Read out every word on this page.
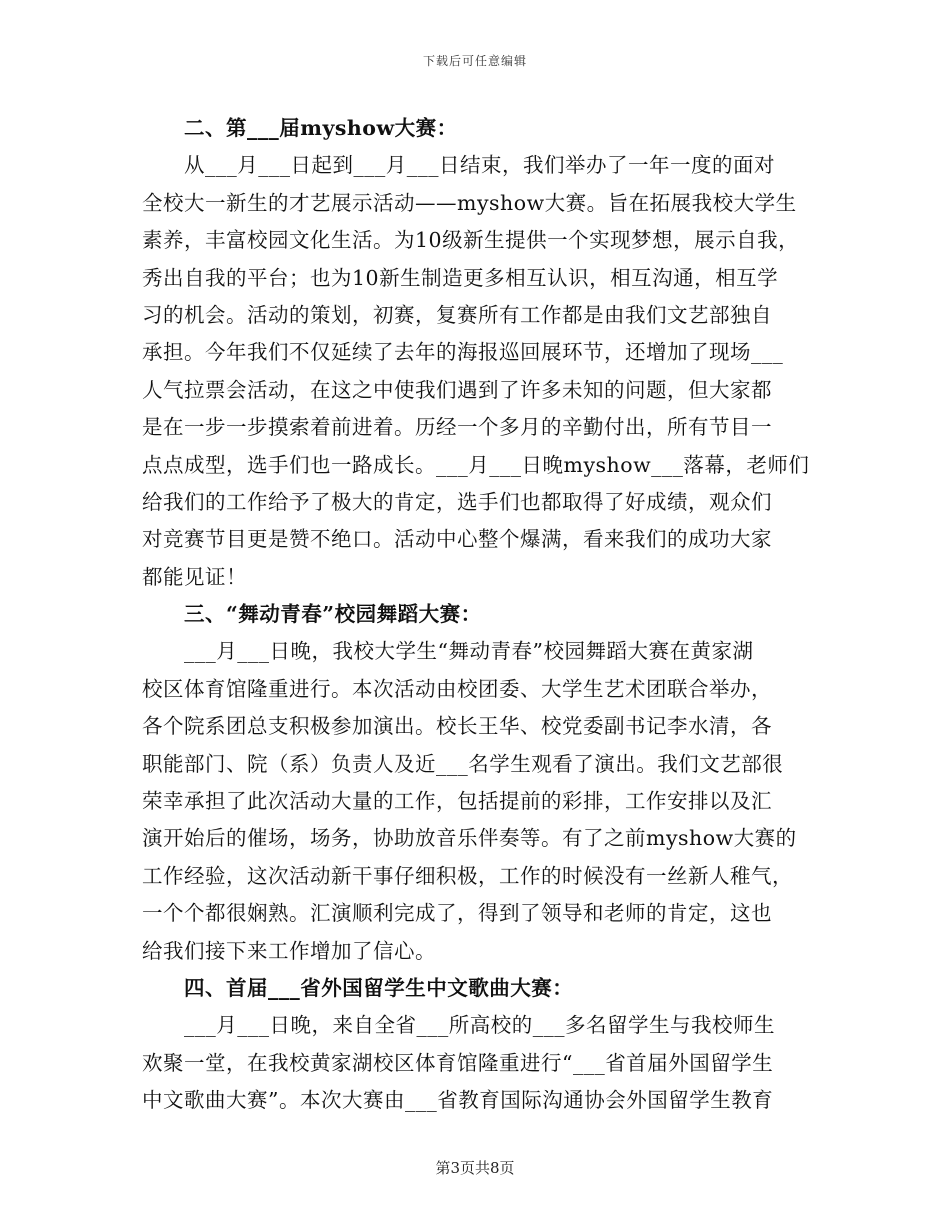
下载后可任意编辑
二、第___届myshow大赛：
从___月___日起到___月___日结束，我们举办了一年一度的面对
全校大一新生的才艺展示活动——myshow大赛。旨在拓展我校大学生
素养，丰富校园文化生活。为10级新生提供一个实现梦想，展示自我，
秀出自我的平台；也为10新生制造更多相互认识，相互沟通，相互学
习的机会。活动的策划，初赛，复赛所有工作都是由我们文艺部独自
承担。今年我们不仅延续了去年的海报巡回展环节，还增加了现场___
人气拉票会活动，在这之中使我们遇到了许多未知的问题，但大家都
是在一步一步摸索着前进着。历经一个多月的辛勤付出，所有节目一
点点成型，选手们也一路成长。___月___日晚myshow___落幕，老师们
给我们的工作给予了极大的肯定，选手们也都取得了好成绩，观众们
对竞赛节目更是赞不绝口。活动中心整个爆满，看来我们的成功大家
都能见证！
三、“舞动青春”校园舞蹈大赛：
___月___日晚，我校大学生“舞动青春”校园舞蹈大赛在黄家湖
校区体育馆隆重进行。本次活动由校团委、大学生艺术团联合举办，
各个院系团总支积极参加演出。校长王华、校党委副书记李水清，各
职能部门、院（系）负责人及近___名学生观看了演出。我们文艺部很
荣幸承担了此次活动大量的工作，包括提前的彩排，工作安排以及汇
演开始后的催场，场务，协助放音乐伴奏等。有了之前myshow大赛的
工作经验，这次活动新干事仔细积极，工作的时候没有一丝新人稚气，
一个个都很娴熟。汇演顺利完成了，得到了领导和老师的肯定，这也
给我们接下来工作增加了信心。
四、首届___省外国留学生中文歌曲大赛：
___月___日晚，来自全省___所高校的___多名留学生与我校师生
欢聚一堂，在我校黄家湖校区体育馆隆重进行“___省首届外国留学生
中文歌曲大赛”。本次大赛由___省教育国际沟通协会外国留学生教育
第3页共8页
